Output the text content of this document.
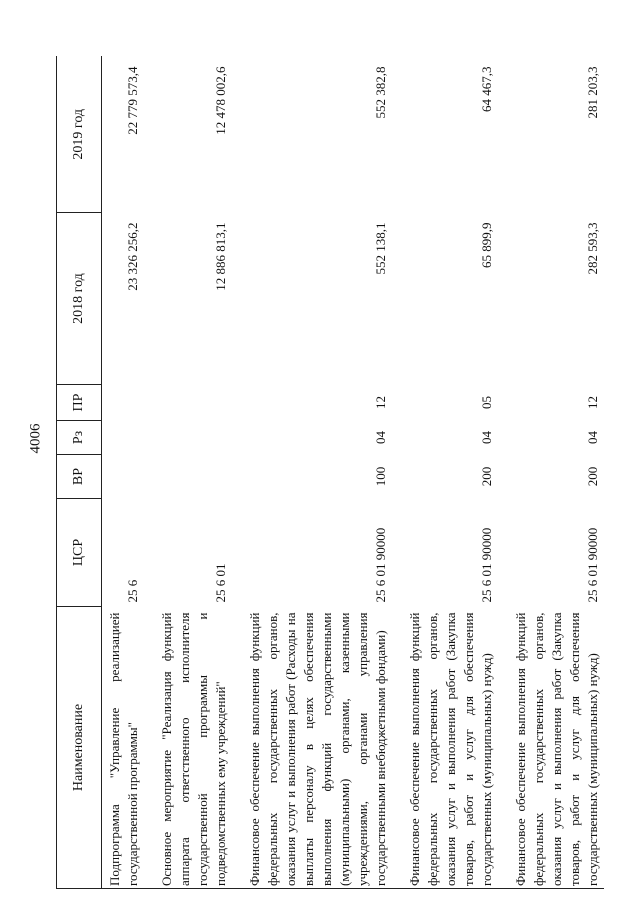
4006
Наименование	ЦСР	ВР	Рз	ПР	2018 год	2019 год
Подпрограмма "Управление реализацией государственной программы"	25 6				23 326 256,2	22 779 573,4

Основное мероприятие "Реализация функций аппарата ответственного исполнителя государственной программы и подведомственных ему учреждений"	25 6 01				12 886 813,1	12 478 002,6

Финансовое обеспечение выполнения функций федеральных государственных органов, оказания услуг и выполнения работ (Расходы на выплаты персоналу в целях обеспечения выполнения функций государственными (муниципальными) органами, казенными учреждениями, органами управления государственными внебюджетными фондами)	25 6 01 90000	100	04	12	552 138,1	552 382,8

Финансовое обеспечение выполнения функций федеральных государственных органов, оказания услуг и выполнения работ (Закупка товаров, работ и услуг для обеспечения государственных (муниципальных) нужд)	25 6 01 90000	200	04	05	65 899,9	64 467,3

Финансовое обеспечение выполнения функций федеральных государственных органов, оказания услуг и выполнения работ (Закупка товаров, работ и услуг для обеспечения государственных (муниципальных) нужд)	25 6 01 90000	200	04	12	282 593,3	281 203,3
